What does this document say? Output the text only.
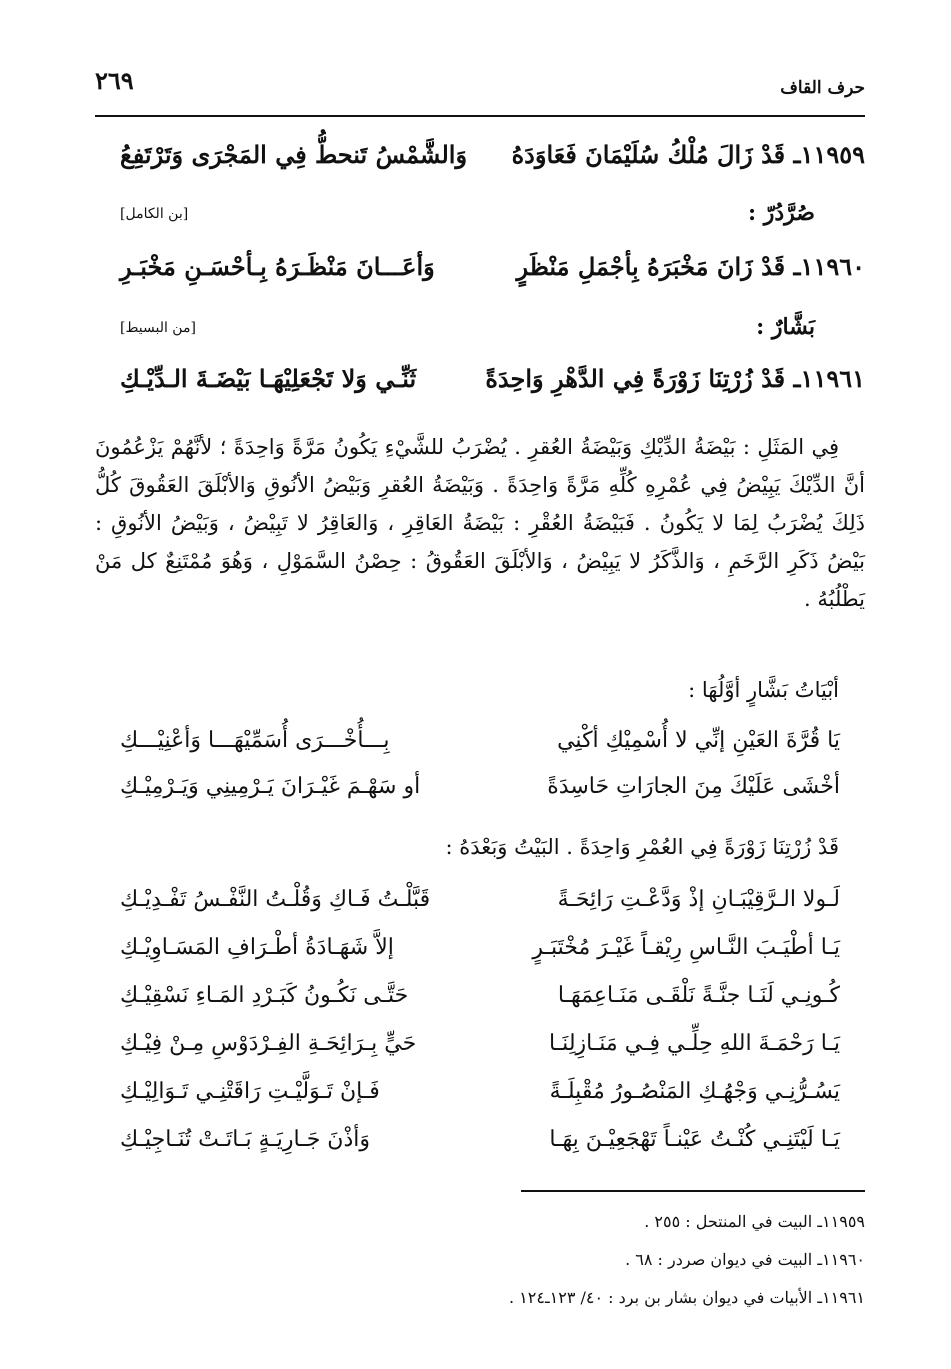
٢٦٩	حرف القاف
١١٩٥٩ـ قَدْ زَالَ مُلْكُ سُلَيْمَانَ فَعَاوَدَهُ
وَالشَّمْسُ تَنحطُّ فِي المَجْرَى وَتَرْتَفِعُ
صُرَّدُرّ :
[بن الكامل]
١١٩٦٠ـ قَدْ زَانَ مَخْبَرَهُ بِأجْمَلِ مَنْظَرٍ
وَأعَـــانَ مَنْظَـرَهُ بِـأحْسَـنِ مَخْبَـرِ
بَشَّارٌ :
[من البسيط]
١١٩٦١ـ قَدْ زُرْتِنَا زَوْرَةً فِي الدَّهْرِ وَاحِدَةً
ثَنِّـي وَلا تَجْعَلِيْهَـا بَيْضَـةَ الـدِّيْـكِ

فِي المَثَلِ : بَيْضَةُ الدِّيْكِ وَبَيْضَةُ العُقرِ . يُضْرَبُ للشَّيْءِ يَكُونُ مَرَّةً وَاحِدَةً ؛ لأنَّهُمْ يَزْعُمُونَ أنَّ الدِّيْكَ يَبِيْضُ فِي عُمْرِهِ كُلِّهِ مَرَّةً وَاحِدَةً . وَبَيْضَةُ العُقرِ وَبَيْضُ الأنُوقِ وَالأبْلَقَ العَقُوقَ كُلُّ ذَلِكَ يُضْرَبُ لِمَا لا يَكُونُ . فَبَيْضَةُ العُقْرِ : بَيْضَةُ العَاقِرِ ، وَالعَاقِرُ لا تَبِيْضُ ، وَبَيْضُ الأنُوقِ : بَيْضُ ذَكَرِ الرَّخَمِ ، وَالذَّكَرُ لا يَبِيْضُ ، وَالأبْلَقَ العَقُوقُ : حِصْنُ السَّمَوْلِ ، وَهُوَ مُمْتَنِعٌ كل مَنْ يَطْلُبُهُ .

أبْيَاتُ بَشَّارٍ أوَّلُهَا :
يَا قُرَّةَ العَيْنِ إنِّي لا أُسْمِيْكِ أكْنِي
بِـــأُخْـــرَى أُسَمِّيْهَـــا وَأعْنِيْـــكِ
أخْشَى عَلَيْكَ مِنَ الجارَاتِ حَاسِدَةً
أو سَهْـمَ غَيْـرَانَ يَـرْمِينِي وَيَـرْمِيْـكِ
قَدْ زُرْتِنَا زَوْرَةً فِي العُمْرِ وَاحِدَةً . البَيْتُ وَبَعْدَهُ :
لَـولا الـرَّقِيْبَـانِ إذْ وَدَّعْـتِ رَائِحَـةً
قَبَّلْـتُ فَـاكِ وَقُلْـتُ النَّفْـسُ تَفْـدِيْـكِ
يَـا أطْيَـبَ النَّـاسِ رِيْقـاً غَيْـرَ مُخْتَبَـرٍ
إلاَّ شَهَـادَةُ أطْـرَافِ المَسَـاوِيْـكِ
كُـونِـي لَنَـا جنَّـةً نَلْقَـى مَنَـاعِمَهَـا
حَتَّـى نَكُـونُ كَبَـرْدِ المَـاءِ نَسْقِيْـكِ
يَـا رَحْمَـةَ اللهِ حِلِّـي فِـي مَنَـازِلِنَـا
حَيٍّ بِـرَائِحَـةِ الفِـرْدَوْسِ مِـنْ فِيْـكِ
يَسُـرُّنِـي وَجْهُـكِ المَنْصُـورُ مُقْبِلَـةً
فَـإنْ تَـوَلَّيْـتِ رَاقَتْنِـي تَـوَالِيْـكِ
يَـا لَيْتَنِـي كُنْـتُ عَيْنـاً تَهْجَعِيْـنَ بِهَـا
وَأذْنَ جَـارِيَـةٍ بَـاتَـتْ تُنَـاجِيْـكِ
١١٩٥٩ـ البيت في المنتحل : ٢٥٥ .
١١٩٦٠ـ البيت في ديوان صردر : ٦٨ .
١١٩٦١ـ الأبيات في ديوان بشار بن برد : ٤٠/ ١٢٣ـ١٢٤ .
